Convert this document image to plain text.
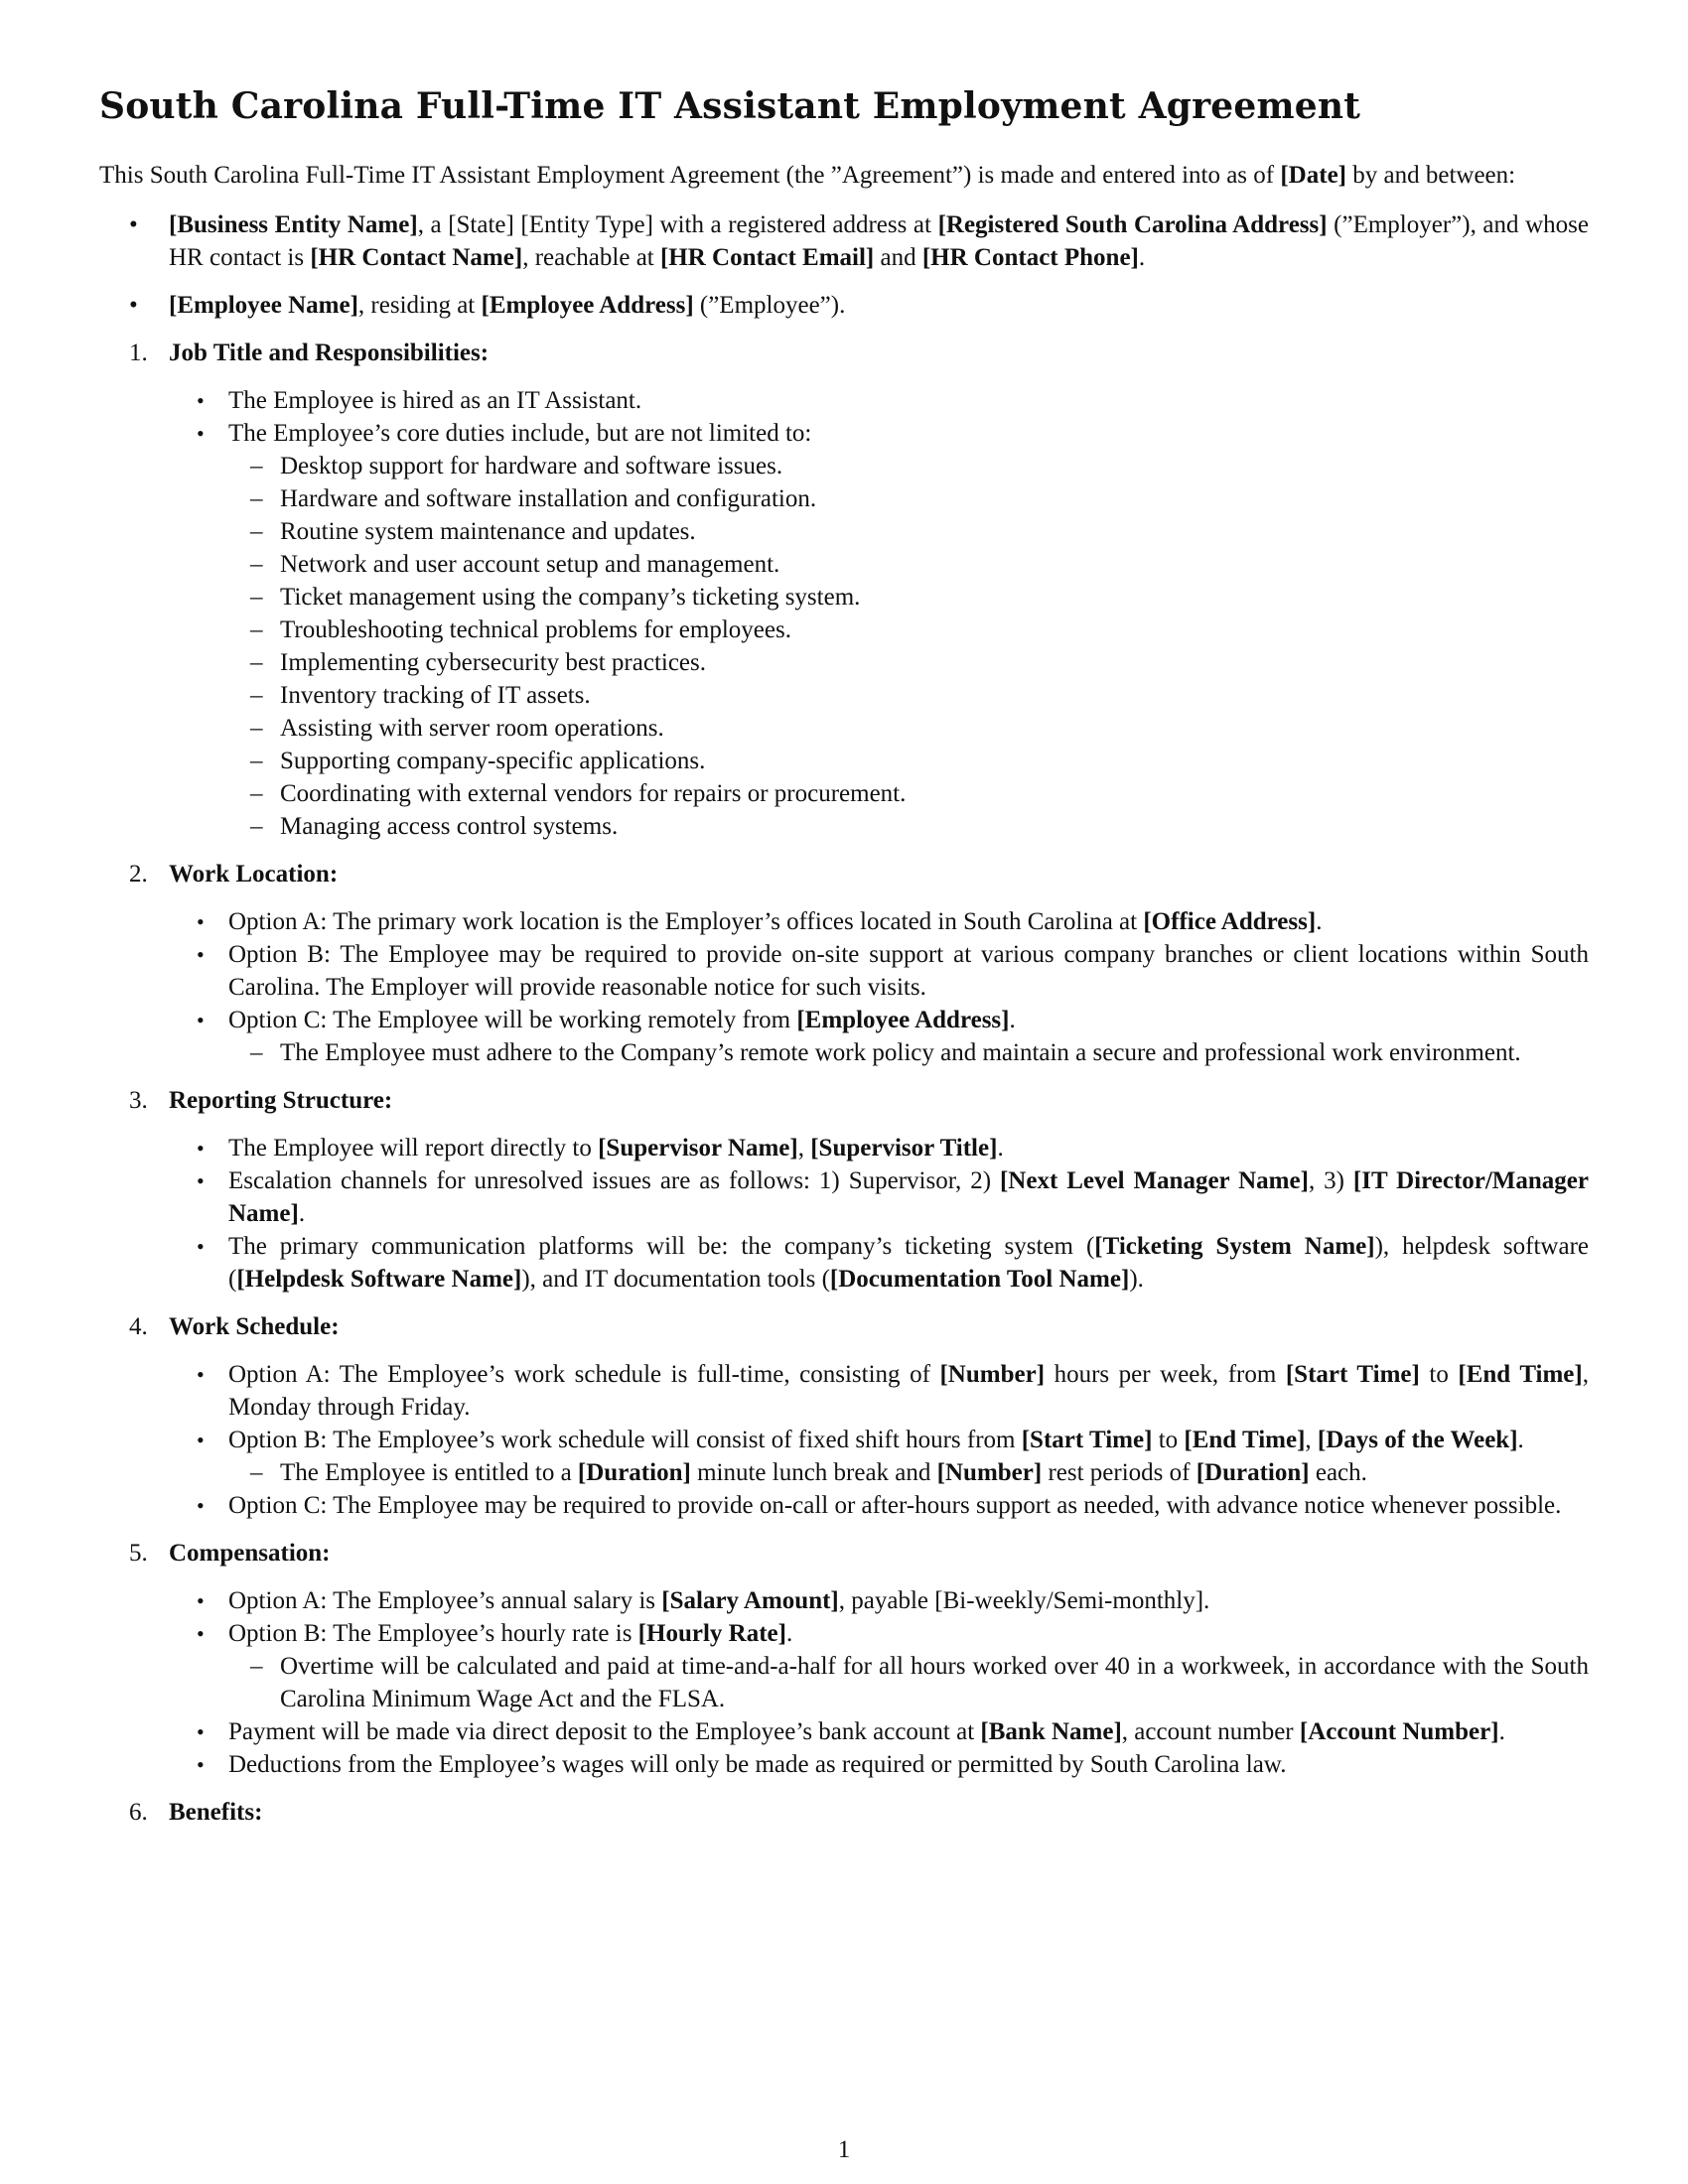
South Carolina Full-Time IT Assistant Employment Agreement

This South Carolina Full-Time IT Assistant Employment Agreement (the ”Agreement”) is made and entered into as of [Date] by and between:

• [Business Entity Name], a [State] [Entity Type] with a registered address at [Registered South Carolina Address] (”Employer”), and whose HR contact is [HR Contact Name], reachable at [HR Contact Email] and [HR Contact Phone].
• [Employee Name], residing at [Employee Address] (”Employee”).
1. Job Title and Responsibilities:
• The Employee is hired as an IT Assistant.
• The Employee’s core duties include, but are not limited to:
– Desktop support for hardware and software issues.
– Hardware and software installation and configuration.
– Routine system maintenance and updates.
– Network and user account setup and management.
– Ticket management using the company’s ticketing system.
– Troubleshooting technical problems for employees.
– Implementing cybersecurity best practices.
– Inventory tracking of IT assets.
– Assisting with server room operations.
– Supporting company-specific applications.
– Coordinating with external vendors for repairs or procurement.
– Managing access control systems.
2. Work Location:
• Option A: The primary work location is the Employer’s offices located in South Carolina at [Office Address].
• Option B: The Employee may be required to provide on-site support at various company branches or client locations within South Carolina. The Employer will provide reasonable notice for such visits.
• Option C: The Employee will be working remotely from [Employee Address].
– The Employee must adhere to the Company’s remote work policy and maintain a secure and professional work environment.
3. Reporting Structure:
• The Employee will report directly to [Supervisor Name], [Supervisor Title].
• Escalation channels for unresolved issues are as follows: 1) Supervisor, 2) [Next Level Manager Name], 3) [IT Director/Manager Name].
• The primary communication platforms will be: the company’s ticketing system ([Ticketing System Name]), helpdesk software ([Helpdesk Software Name]), and IT documentation tools ([Documentation Tool Name]).
4. Work Schedule:
• Option A: The Employee’s work schedule is full-time, consisting of [Number] hours per week, from [Start Time] to [End Time], Monday through Friday.
• Option B: The Employee’s work schedule will consist of fixed shift hours from [Start Time] to [End Time], [Days of the Week].
– The Employee is entitled to a [Duration] minute lunch break and [Number] rest periods of [Duration] each.
• Option C: The Employee may be required to provide on-call or after-hours support as needed, with advance notice whenever possible.
5. Compensation:
• Option A: The Employee’s annual salary is [Salary Amount], payable [Bi-weekly/Semi-monthly].
• Option B: The Employee’s hourly rate is [Hourly Rate].
– Overtime will be calculated and paid at time-and-a-half for all hours worked over 40 in a workweek, in accordance with the South Carolina Minimum Wage Act and the FLSA.
• Payment will be made via direct deposit to the Employee’s bank account at [Bank Name], account number [Account Number].
• Deductions from the Employee’s wages will only be made as required or permitted by South Carolina law.
6. Benefits:
1
